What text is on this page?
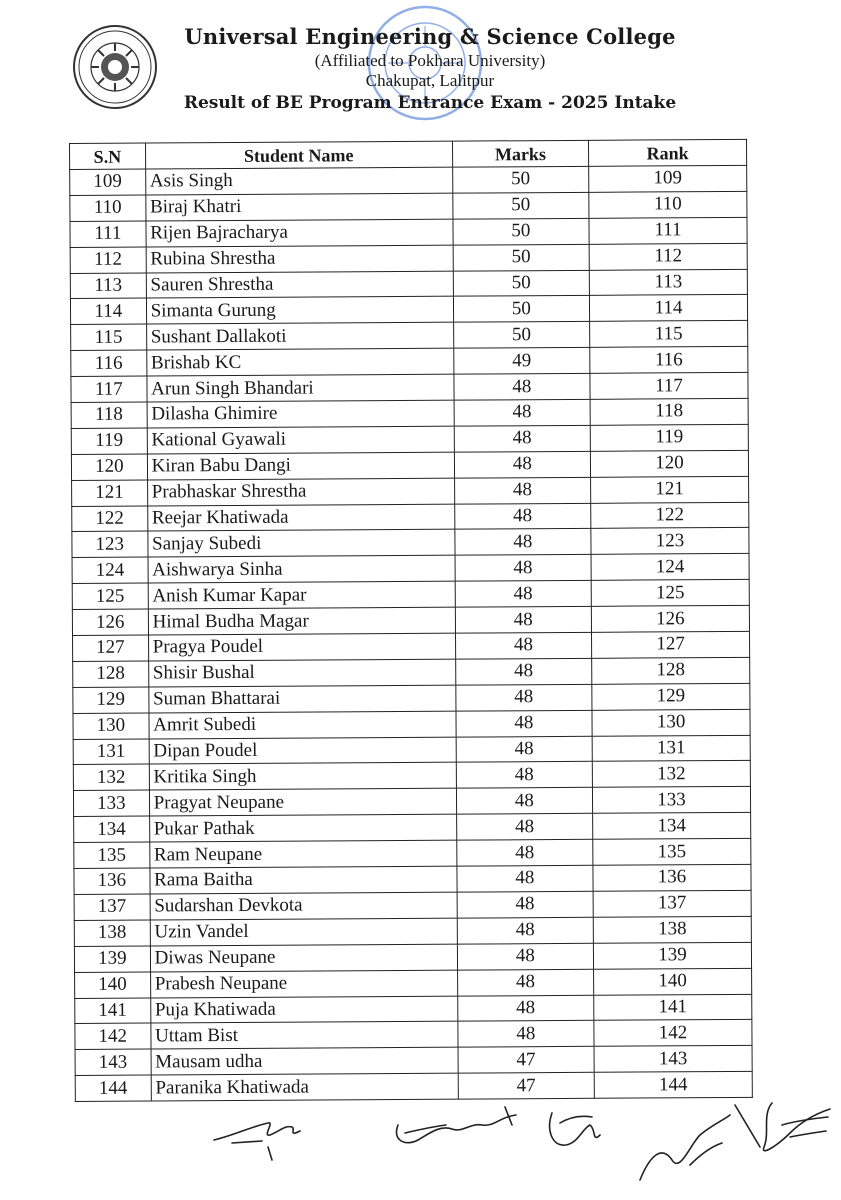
Universal Engineering & Science College
(Affiliated to Pokhara University)
Chakupat, Lalitpur
Result of BE Program Entrance Exam - 2025 Intake
S.N	Student Name	Marks	Rank
109	Asis Singh	50	109
110	Biraj Khatri	50	110
111	Rijen Bajracharya	50	111
112	Rubina Shrestha	50	112
113	Sauren Shrestha	50	113
114	Simanta Gurung	50	114
115	Sushant Dallakoti	50	115
116	Brishab KC	49	116
117	Arun Singh Bhandari	48	117
118	Dilasha Ghimire	48	118
119	Kational Gyawali	48	119
120	Kiran Babu Dangi	48	120
121	Prabhaskar Shrestha	48	121
122	Reejar Khatiwada	48	122
123	Sanjay Subedi	48	123
124	Aishwarya Sinha	48	124
125	Anish Kumar Kapar	48	125
126	Himal Budha Magar	48	126
127	Pragya Poudel	48	127
128	Shisir Bushal	48	128
129	Suman Bhattarai	48	129
130	Amrit Subedi	48	130
131	Dipan Poudel	48	131
132	Kritika Singh	48	132
133	Pragyat Neupane	48	133
134	Pukar Pathak	48	134
135	Ram Neupane	48	135
136	Rama Baitha	48	136
137	Sudarshan Devkota	48	137
138	Uzin Vandel	48	138
139	Diwas Neupane	48	139
140	Prabesh Neupane	48	140
141	Puja Khatiwada	48	141
142	Uttam Bist	48	142
143	Mausam udha	47	143
144	Paranika Khatiwada	47	144
